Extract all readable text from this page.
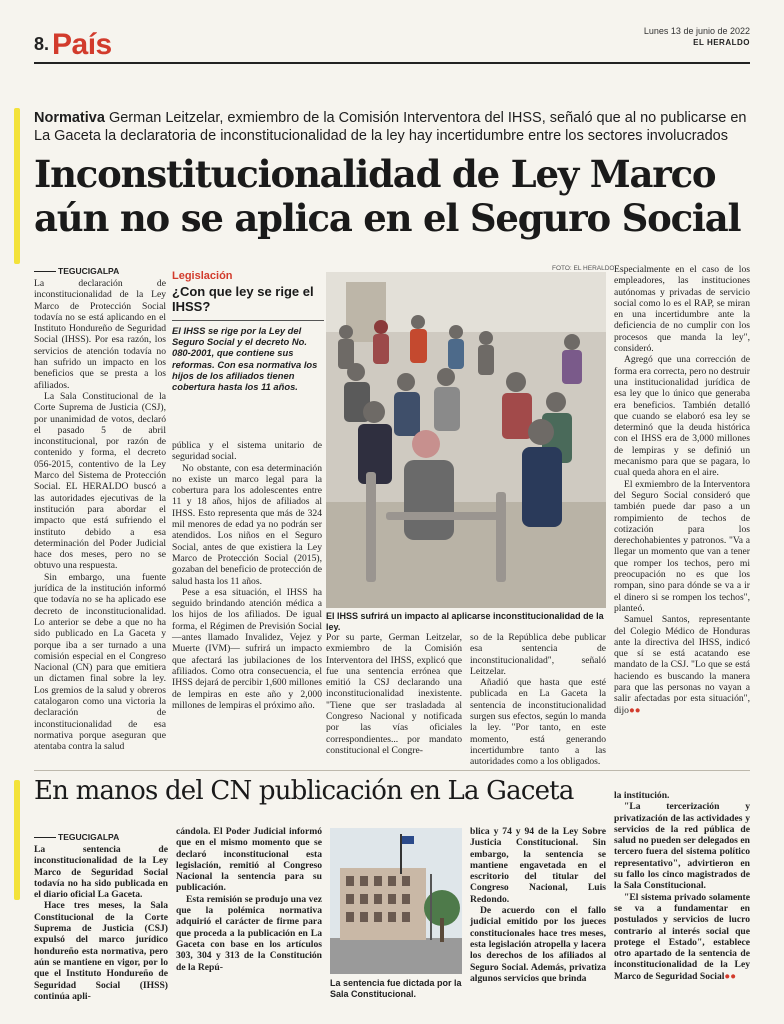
8. País	Lunes 13 de junio de 2022
EL HERALDO
Normativa German Leitzelar, exmiembro de la Comisión Interventora del IHSS, señaló que al no publicarse en La Gaceta la declaratoria de inconstitucionalidad de la ley hay incertidumbre entre los sectores involucrados
Inconstitucionalidad de Ley Marco
aún no se aplica en el Seguro Social
TEGUCIGALPA

La declaración de inconstitucionalidad de la Ley Marco de Protección Social todavía no se está aplicando en el Instituto Hondureño de Seguridad Social (IHSS). Por esa razón, los servicios de atención todavía no han sufrido un impacto en los beneficios que se presta a los afiliados.

La Sala Constitucional de la Corte Suprema de Justicia (CSJ), por unanimidad de votos, declaró el pasado 5 de abril inconstitucional, por razón de contenido y forma, el decreto 056-2015, contentivo de la Ley Marco del Sistema de Protección Social. EL HERALDO buscó a las autoridades ejecutivas de la institución para abordar el impacto que está sufriendo el instituto debido a esa determinación del Poder Judicial hace dos meses, pero no se obtuvo una respuesta.

Sin embargo, una fuente jurídica de la institución informó que todavía no se ha aplicado ese decreto de inconstitucionalidad. Lo anterior se debe a que no ha sido publicado en La Gaceta y porque iba a ser turnado a una comisión especial en el Congreso Nacional (CN) para que emitiera un dictamen final sobre la ley. Los gremios de la salud y obreros catalogaron como una victoria la declaración de inconstitucionalidad de esa normativa porque aseguran que atentaba contra la salud

Legislación
¿Con que ley se rige el IHSS?
El IHSS se rige por la Ley del Seguro Social y el decreto No. 080-2001, que contiene sus reformas. Con esa normativa los hijos de los afiliados tienen cobertura hasta los 11 años.

pública y el sistema unitario de seguridad social.

No obstante, con esa determinación no existe un marco legal para la cobertura para los adolescentes entre 11 y 18 años, hijos de afiliados al IHSS. Esto representa que más de 324 mil menores de edad ya no podrán ser atendidos. Los niños en el Seguro Social, antes de que existiera la Ley Marco de Protección Social (2015), gozaban del beneficio de protección de salud hasta los 11 años.

Pese a esa situación, el IHSS ha seguido brindando atención médica a los hijos de los afiliados. De igual forma, el Régimen de Previsión Social —antes llamado Invalidez, Vejez y Muerte (IVM)— sufrirá un impacto que afectará las jubilaciones de los afiliados. Como otra consecuencia, el IHSS dejará de percibir 1,600 millones de lempiras en este año y 2,000 millones de lempiras el próximo año.

FOTO: EL HERALDO
El IHSS sufrirá un impacto al aplicarse inconstitucionalidad de la ley.

Por su parte, German Leitzelar, exmiembro de la Comisión Interventora del IHSS, explicó que fue una sentencia errónea que emitió la CSJ declarando una inconstitucionalidad inexistente. "Tiene que ser trasladada al Congreso Nacional y notificada por las vías oficiales correspondientes... por mandato constitucional el Congre-

so de la República debe publicar esa sentencia de inconstitucionalidad", señaló Leitzelar.

Añadió que hasta que esté publicada en La Gaceta la sentencia de inconstitucionalidad surgen sus efectos, según lo manda la ley. "Por tanto, en este momento, está generando incertidumbre tanto a las autoridades como a los obligados.

Especialmente en el caso de los empleadores, las instituciones autónomas y privadas de servicio social como lo es el RAP, se miran en una incertidumbre ante la deficiencia de no cumplir con los procesos que manda la ley", consideró.

Agregó que una corrección de forma era correcta, pero no destruir una institucionalidad jurídica de esa ley que lo único que generaba era beneficios. También detalló que cuando se elaboró esa ley se determinó que la deuda histórica con el IHSS era de 3,000 millones de lempiras y se definió un mecanismo para que se pagara, lo cual queda ahora en el aire.

El exmiembro de la Interventora del Seguro Social consideró que también puede dar paso a un rompimiento de techos de cotización para los derechohabientes y patronos. "Va a llegar un momento que van a tener que romper los techos, pero mi preocupación no es que los rompan, sino para dónde se va a ir el dinero si se rompen los techos", planteó.

Samuel Santos, representante del Colegio Médico de Honduras ante la directiva del IHSS, indicó que sí se está acatando ese mandato de la CSJ. "Lo que se está haciendo es buscando la manera para que las personas no vayan a salir afectadas por esta situación", dijo●●

En manos del CN publicación en La Gaceta
TEGUCIGALPA

La sentencia de inconstitucionalidad de la Ley Marco de Seguridad Social todavía no ha sido publicada en el diario oficial La Gaceta.

Hace tres meses, la Sala Constitucional de la Corte Suprema de Justicia (CSJ) expulsó del marco jurídico hondureño esta normativa, pero aún se mantiene en vigor, por lo que el Instituto Hondureño de Seguridad Social (IHSS) continúa apli-

cándola. El Poder Judicial informó que en el mismo momento que se declaró inconstitucional esta legislación, remitió al Congreso Nacional la sentencia para su publicación.

Esta remisión se produjo una vez que la polémica normativa adquirió el carácter de firme para que proceda a la publicación en La Gaceta con base en los artículos 303, 304 y 313 de la Constitución de la Repú-

La sentencia fue dictada por la Sala Constitucional.

blica y 74 y 94 de la Ley Sobre Justicia Constitucional. Sin embargo, la sentencia se mantiene engavetada en el escritorio del titular del Congreso Nacional, Luis Redondo.

De acuerdo con el fallo judicial emitido por los jueces constitucionales hace tres meses, esta legislación atropella y lacera los derechos de los afiliados al Seguro Social. Además, privatiza algunos servicios que brinda

la institución.

"La tercerización y privatización de las actividades y servicios de la red pública de salud no pueden ser delegados en tercero fuera del sistema político representativo", advirtieron en su fallo los cinco magistrados de la Sala Constitucional.

"El sistema privado solamente se va a fundamentar en postulados y servicios de lucro contrario al interés social que protege el Estado", establece otro apartado de la sentencia de inconstitucionalidad de la Ley Marco de Seguridad Social●●
